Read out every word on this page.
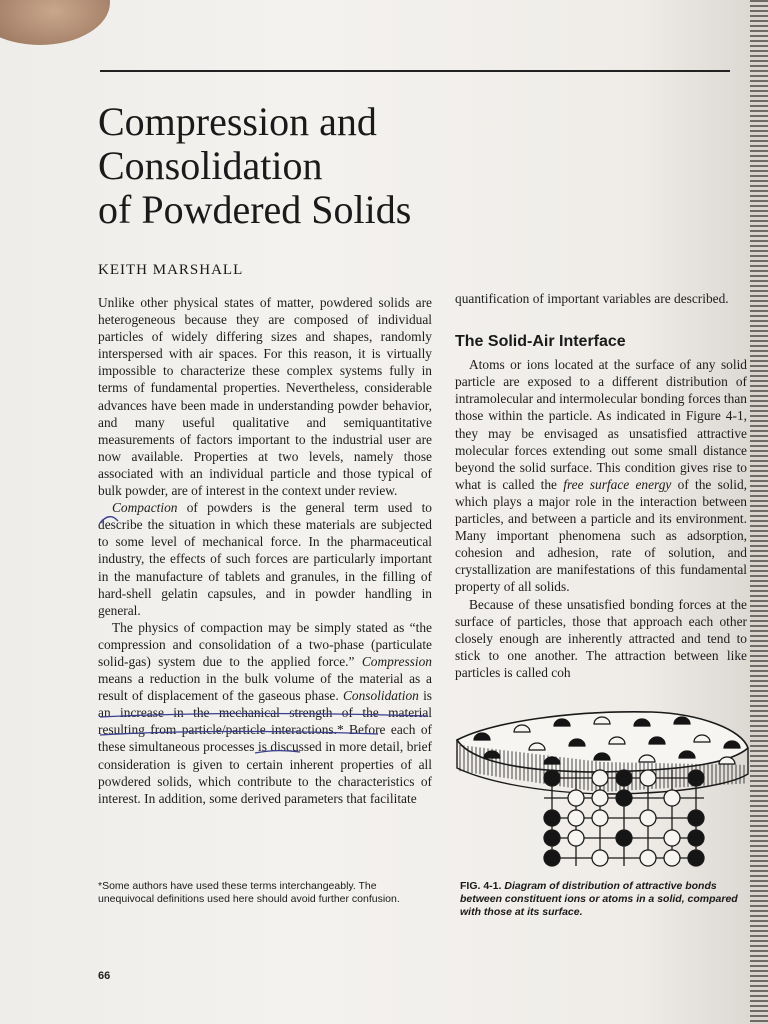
Compression and
Consolidation
of Powdered Solids
KEITH MARSHALL

Unlike other physical states of matter, powdered solids are heterogeneous because they are composed of individual particles of widely differing sizes and shapes, randomly interspersed with air spaces. For this reason, it is virtually impossible to characterize these complex systems fully in terms of fundamental properties. Nevertheless, considerable advances have been made in understanding powder behavior, and many useful qualitative and semiquantitative measurements of factors important to the industrial user are now available. Properties at two levels, namely those associated with an individual particle and those typical of bulk powder, are of interest in the context under review.

Compaction of powders is the general term used to describe the situation in which these materials are subjected to some level of mechanical force. In the pharmaceutical industry, the effects of such forces are particularly important in the manufacture of tablets and granules, in the filling of hard-shell gelatin capsules, and in powder handling in general.

The physics of compaction may be simply stated as “the compression and consolidation of a two-phase (particulate solid-gas) system due to the applied force.” Compression means a reduction in the bulk volume of the material as a result of displacement of the gaseous phase. Consolidation is an increase in the mechanical strength of the material resulting from particle/particle interactions.* Before each of these simultaneous processes is discussed in more detail, brief consideration is given to certain inherent properties of all powdered solids, which contribute to the characteristics of interest. In addition, some derived parameters that facilitate

*Some authors have used these terms interchangeably. The unequivocal definitions used here should avoid further confusion.
66

quantification of important variables are described.

The Solid-Air Interface

Atoms or ions located at the surface of any solid particle are exposed to a different distribution of intramolecular and intermolecular bonding forces than those within the particle. As indicated in Figure 4-1, they may be envisaged as unsatisfied attractive molecular forces extending out some small distance beyond the solid surface. This condition gives rise to what is called the free surface energy of the solid, which plays a major role in the interaction between particles, and between a particle and its environment. Many important phenomena such as adsorption, cohesion and adhesion, rate of solution, and crystallization are manifestations of this fundamental property of all solids.

Because of these unsatisfied bonding forces at the surface of particles, those that approach each other closely enough are inherently attracted and tend to stick to one another. The attraction between like particles is called coh

FIG. 4-1. Diagram of distribution of attractive bonds between constituent ions or atoms in a solid, compared with those at its surface.
